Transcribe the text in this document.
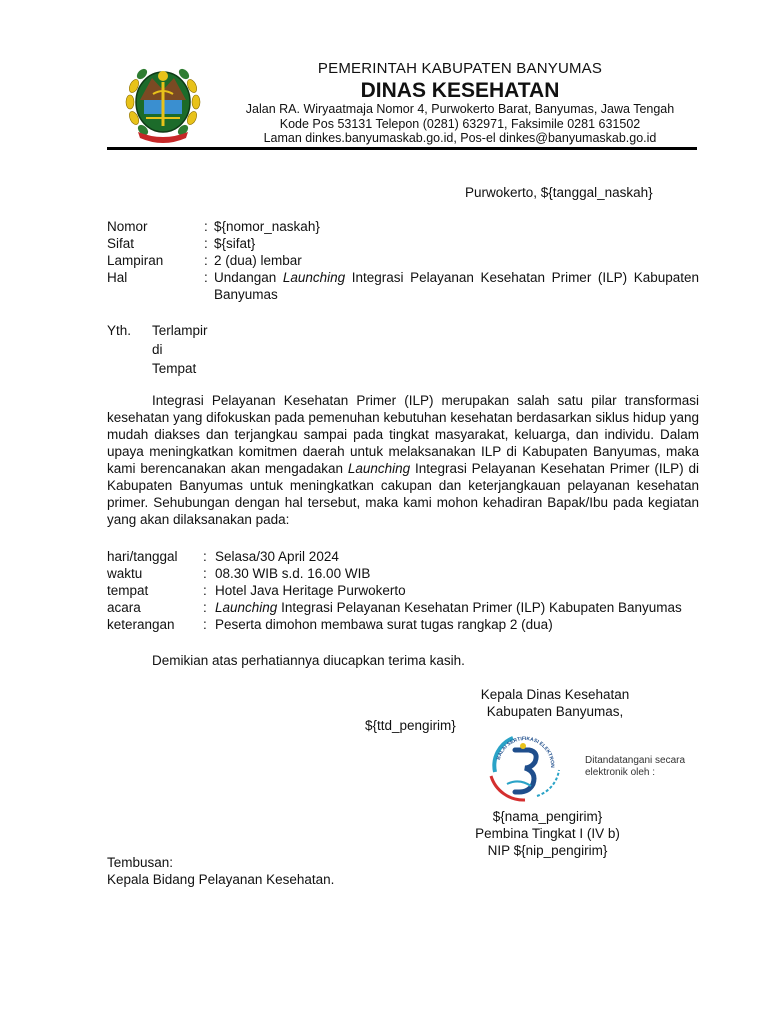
PEMERINTAH KABUPATEN BANYUMAS
DINAS KESEHATAN
Jalan RA. Wiryaatmaja Nomor 4, Purwokerto Barat, Banyumas, Jawa Tengah
Kode Pos 53131 Telepon (0281) 632971, Faksimile 0281 631502
Laman dinkes.banyumaskab.go.id, Pos-el dinkes@banyumaskab.go.id
Purwokerto, ${tanggal_naskah}
Nomor	: ${nomor_naskah}
Sifat	: ${sifat}
Lampiran	: 2 (dua) lembar
Hal	: Undangan Launching Integrasi Pelayanan Kesehatan Primer (ILP) Kabupaten Banyumas
Yth. Terlampir
di
Tempat

Integrasi Pelayanan Kesehatan Primer (ILP) merupakan salah satu pilar transformasi kesehatan yang difokuskan pada pemenuhan kebutuhan kesehatan berdasarkan siklus hidup yang mudah diakses dan terjangkau sampai pada tingkat masyarakat, keluarga, dan individu. Dalam upaya meningkatkan komitmen daerah untuk melaksanakan ILP di Kabupaten Banyumas, maka kami berencanakan akan mengadakan Launching Integrasi Pelayanan Kesehatan Primer (ILP) di Kabupaten Banyumas untuk meningkatkan cakupan dan keterjangkauan pelayanan kesehatan primer. Sehubungan dengan hal tersebut, maka kami mohon kehadiran Bapak/Ibu pada kegiatan yang akan dilaksanakan pada:

hari/tanggal	: Selasa/30 April 2024
waktu	: 08.30 WIB s.d. 16.00 WIB
tempat	: Hotel Java Heritage Purwokerto
acara	: Launching Integrasi Pelayanan Kesehatan Primer (ILP) Kabupaten Banyumas
keterangan	: Peserta dimohon membawa surat tugas rangkap 2 (dua)
Demikian atas perhatiannya diucapkan terima kasih.
Kepala Dinas Kesehatan
Kabupaten Banyumas,
${ttd_pengirim}
BALAI SERTIFIKASI ELEKTRON	Ditandatangani secara
elektronik oleh :
${nama_pengirim}
Pembina Tingkat I (IV b)
NIP ${nip_pengirim}
Tembusan:
Kepala Bidang Pelayanan Kesehatan.
